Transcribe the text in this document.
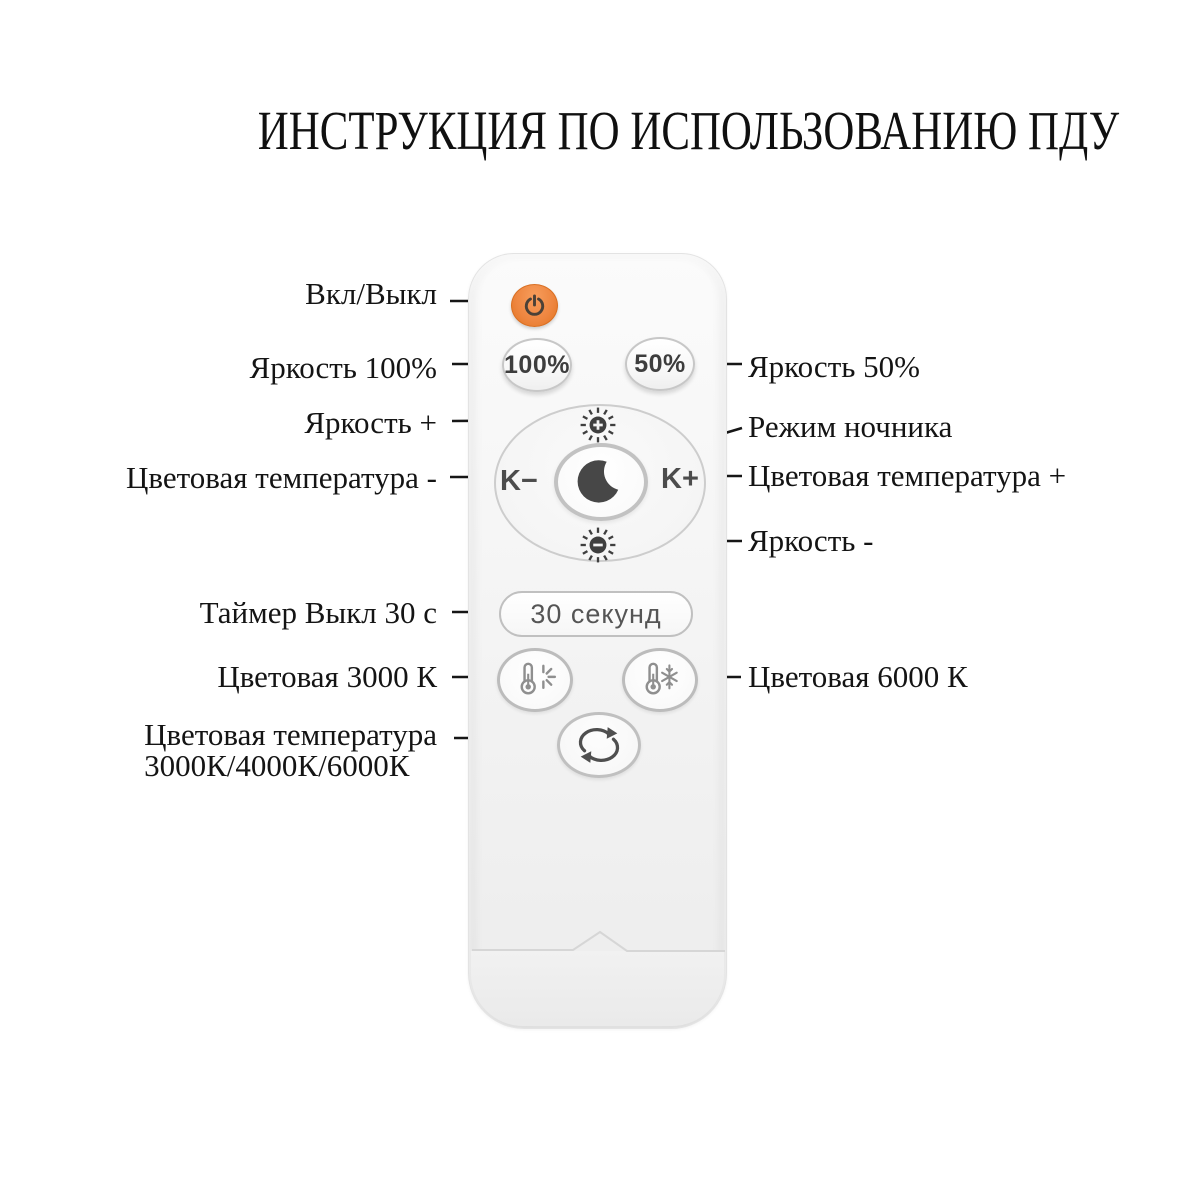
ИНСТРУКЦИЯ ПО ИСПОЛЬЗОВАНИЮ ПДУ
100%	50%
K−	K+
30 секунд
Вкл/Выкл
Яркость 100%
Яркость +
Цветовая температура -
Таймер Выкл 30 с
Цветовая 3000 К
Цветовая температура
3000К/4000К/6000К
Яркость 50%
Режим ночника
Цветовая температура +
Яркость -
Цветовая 6000 К
